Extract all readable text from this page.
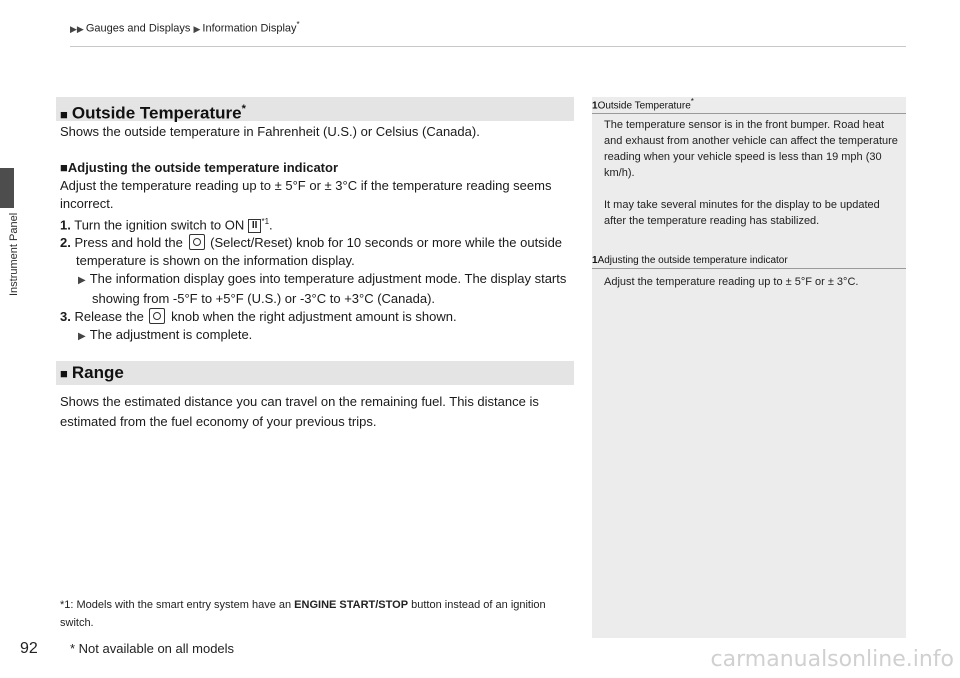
Instrument Panel
▶▶ Gauges and Displays ▶ Information Display*
■ Outside Temperature*
Shows the outside temperature in Fahrenheit (U.S.) or Celsius (Canada).
■Adjusting the outside temperature indicator
Adjust the temperature reading up to ± 5°F or ± 3°C if the temperature reading seems incorrect.
1. Turn the ignition switch to ON II $^{*1}$.
2. Press and hold the (Select/Reset) knob for 10 seconds or more while the outside temperature is shown on the information display.
▶ The information display goes into temperature adjustment mode. The display starts showing from -5°F to +5°F (U.S.) or -3°C to +3°C (Canada).
3. Release the knob when the right adjustment amount is shown.
▶ The adjustment is complete.
■ Range
Shows the estimated distance you can travel on the remaining fuel. This distance is estimated from the fuel economy of your previous trips.
*1: Models with the smart entry system have an ENGINE START/STOP button instead of an ignition switch.
92 * Not available on all models
1Outside Temperature*
The temperature sensor is in the front bumper. Road heat and exhaust from another vehicle can affect the temperature reading when your vehicle speed is less than 19 mph (30 km/h).
It may take several minutes for the display to be updated after the temperature reading has stabilized.
1Adjusting the outside temperature indicator
Adjust the temperature reading up to ± 5°F or ± 3°C.
carmanualsonline.info
